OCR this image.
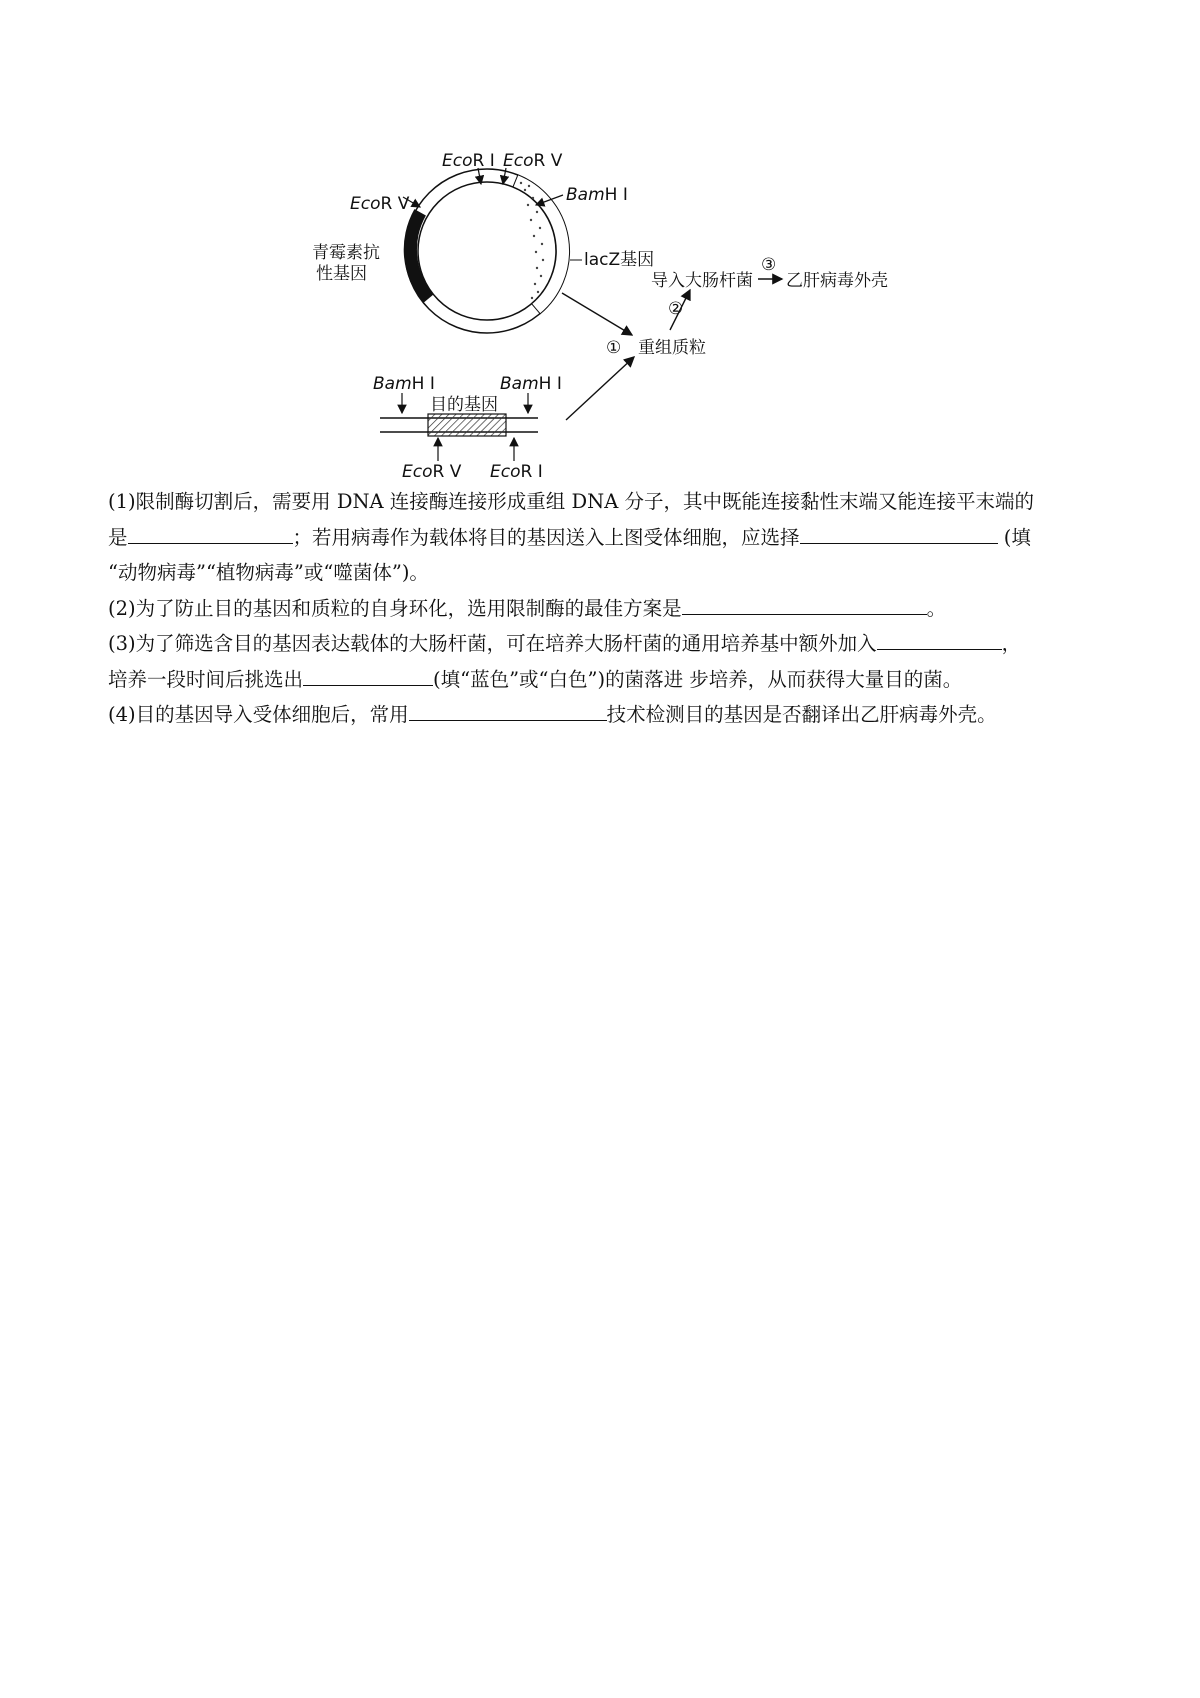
EcoR I EcoR V
BamH I
EcoR V
青霉素抗
性基因
lacZ基因
BamH I	BamH I
目的基因
EcoR V EcoR I
① 重组质粒
②
导入大肠杆菌
③
乙肝病毒外壳
(1)限制酶切割后，需要用 DNA 连接酶连接形成重组 DNA 分子，其中既能连接黏性末端又能连接平末端的
是	；若用病毒作为载体将目的基因送入上图受体细胞，应选择	(填
“动物病毒”“植物病毒”或“噬菌体”)。
(2)为了防止目的基因和质粒的自身环化，选用限制酶的最佳方案是	。
(3)为了筛选含目的基因表达载体的大肠杆菌，可在培养大肠杆菌的通用培养基中额外加入	，
培养一段时间后挑选出	(填“蓝色”或“白色”)的菌落进 步培养，从而获得大量目的菌。
(4)目的基因导入受体细胞后，常用	技术检测目的基因是否翻译出乙肝病毒外壳。
